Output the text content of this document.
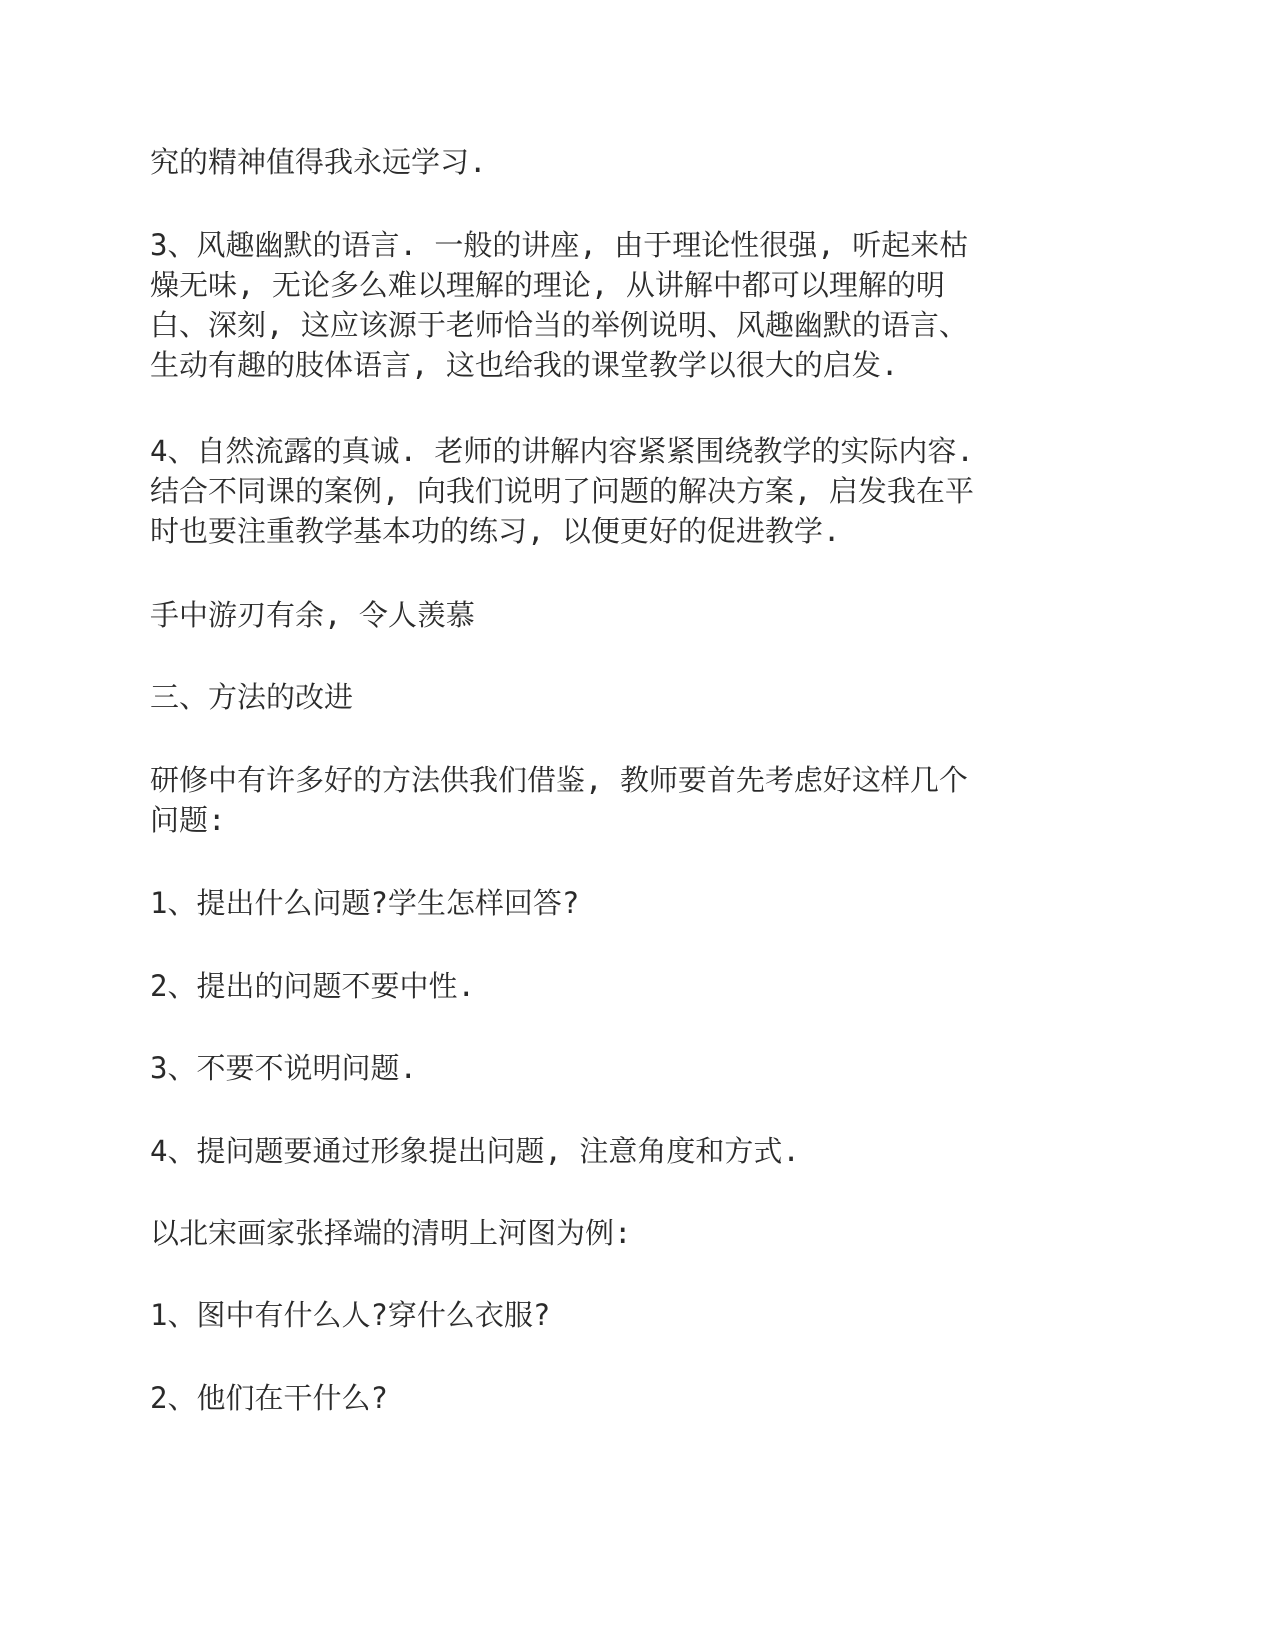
究的精神值得我永远学习.

3、风趣幽默的语言. 一般的讲座, 由于理论性很强, 听起来枯
燥无味, 无论多么难以理解的理论, 从讲解中都可以理解的明
白、深刻, 这应该源于老师恰当的举例说明、风趣幽默的语言、
生动有趣的肢体语言, 这也给我的课堂教学以很大的启发.

4、自然流露的真诚. 老师的讲解内容紧紧围绕教学的实际内容.
结合不同课的案例, 向我们说明了问题的解决方案, 启发我在平
时也要注重教学基本功的练习, 以便更好的促进教学.

手中游刃有余, 令人羡慕

三、方法的改进

研修中有许多好的方法供我们借鉴, 教师要首先考虑好这样几个
问题:

1、提出什么问题?学生怎样回答?

2、提出的问题不要中性.

3、不要不说明问题.

4、提问题要通过形象提出问题, 注意角度和方式.

以北宋画家张择端的清明上河图为例:

1、图中有什么人?穿什么衣服?

2、他们在干什么?
